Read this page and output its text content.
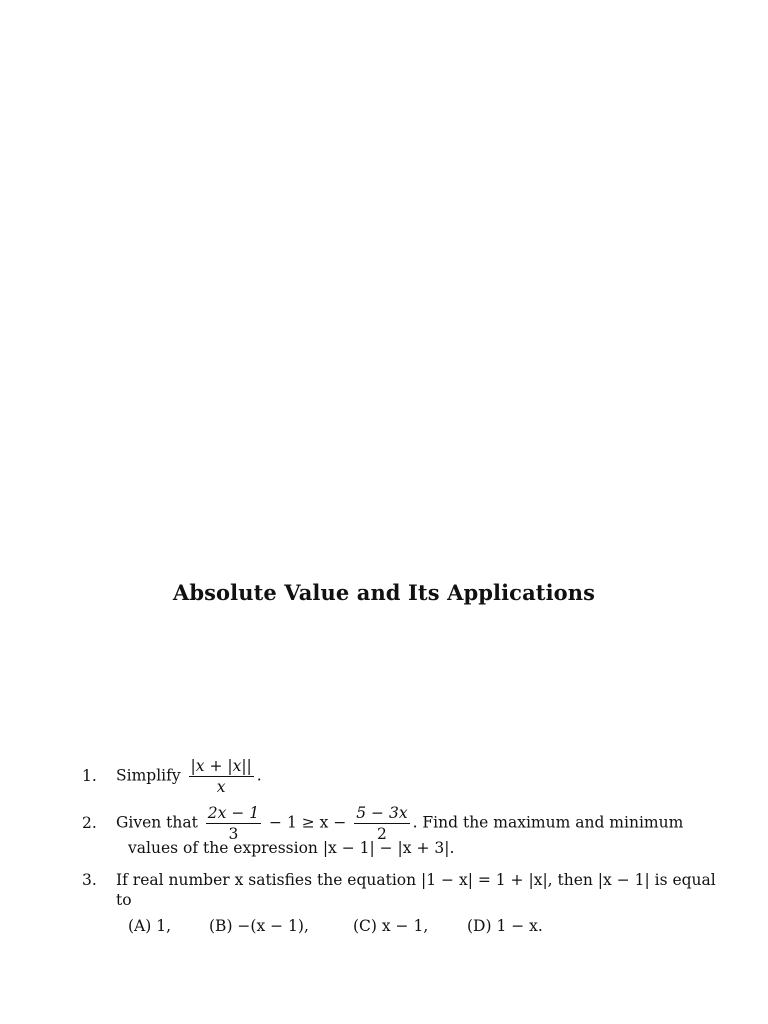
Absolute Value and Its Applications
1.	Simplify $\frac{|x + |x||}{x}$ .
2.	Given that $\frac{2x - 1}{3} - 1 \ge x - \frac{5 - 3x}{2}$ . Find the maximum and minimum
values of the expression |x − 1| − |x + 3|.
3.	If real number x satisfies the equation |1 − x| = 1 + |x|, then |x − 1| is equal
to
(A) 1, (B) −(x − 1),	(C) x − 1, (D) 1 − x.
